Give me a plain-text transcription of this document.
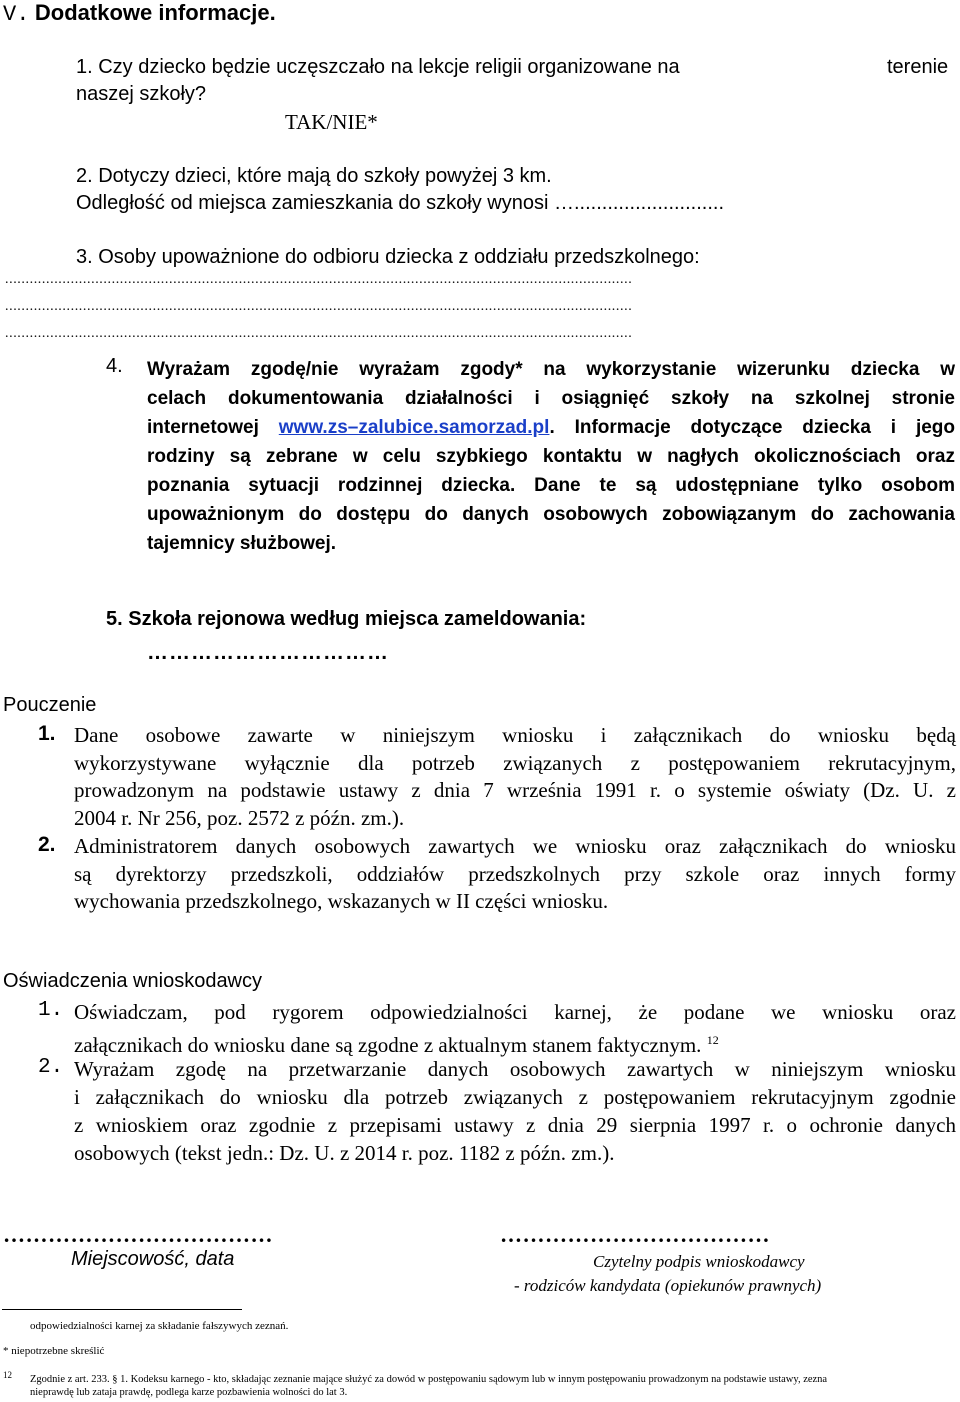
V. Dodatkowe informacje.
1. Czy dziecko będzie uczęszczało na lekcje religii organizowane na	terenie
naszej szkoły?
TAK/NIE*
2. Dotyczy dzieci, które mają do szkoły powyżej 3 km.
Odległość od miejsca zamieszkania do szkoły wynosi …...........................
3. Osoby upoważnione do odbioru dziecka z oddziału przedszkolnego:
.........................................................................................................................................................
.........................................................................................................................................................
.........................................................................................................................................................
4. Wyrażam zgodę/nie wyrażam zgody* na wykorzystanie wizerunku dziecka w
celach dokumentowania działalności i osiągnięć szkoły na szkolnej stronie
internetowej www.zs–zalubice.samorzad.pl. Informacje dotyczące dziecka i jego
rodziny są zebrane w celu szybkiego kontaktu w nagłych okolicznościach oraz
poznania sytuacji rodzinnej dziecka. Dane te są udostępniane tylko osobom
upoważnionym do dostępu do danych osobowych zobowiązanym do zachowania
tajemnicy służbowej.
5. Szkoła rejonowa według miejsca zameldowania:
……………………………
Pouczenie
1. Dane osobowe zawarte w niniejszym wniosku i załącznikach do wniosku będą
wykorzystywane wyłącznie dla potrzeb związanych z postępowaniem rekrutacyjnym,
prowadzonym na podstawie ustawy z dnia 7 września 1991 r. o systemie oświaty (Dz. U. z
2004 r. Nr 256, poz. 2572 z późn. zm.).
2. Administratorem danych osobowych zawartych we wniosku oraz załącznikach do wniosku
są dyrektorzy przedszkoli, oddziałów przedszkolnych przy szkole oraz innych formy
wychowania przedszkolnego, wskazanych w II części wniosku.
Oświadczenia wnioskodawcy
1. Oświadczam, pod rygorem odpowiedzialności karnej, że podane we wniosku oraz
załącznikach do wniosku dane są zgodne z aktualnym stanem faktycznym. $^{12}$
2. Wyrażam zgodę na przetwarzanie danych osobowych zawartych w niniejszym wniosku
i załącznikach do wniosku dla potrzeb związanych z postępowaniem rekrutacyjnym zgodnie
z wnioskiem oraz zgodnie z przepisami ustawy z dnia 29 sierpnia 1997 r. o ochronie danych
osobowych (tekst jedn.: Dz. U. z 2014 r. poz. 1182 z późn. zm.).
………………………………	………………………………
Miejscowość, data	Czytelny podpis wnioskodawcy
- rodziców kandydata (opiekunów prawnych)
odpowiedzialności karnej za składanie fałszywych zeznań.
* niepotrzebne skreślić
12 Zgodnie z art. 233. § 1. Kodeksu karnego - kto, składając zeznanie mające służyć za dowód w postępowaniu sądowym lub w innym postępowaniu prowadzonym na podstawie ustawy, zezna
nieprawdę lub zataja prawdę, podlega karze pozbawienia wolności do lat 3.
